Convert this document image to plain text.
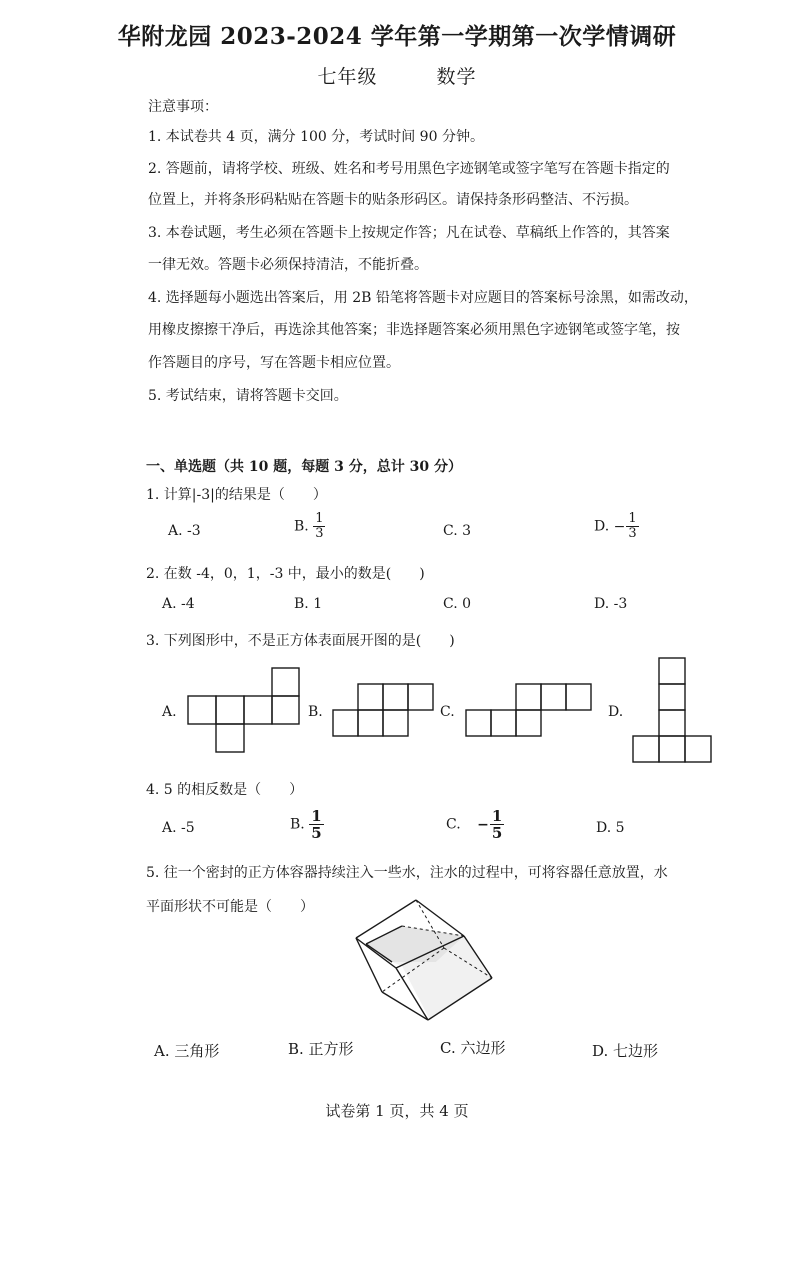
华附龙园 2023-2024 学年第一学期第一次学情调研
七年级	数学
注意事项：
1. 本试卷共 4 页，满分 100 分，考试时间 90 分钟。
2. 答题前，请将学校、班级、姓名和考号用黑色字迹钢笔或签字笔写在答题卡指定的
位置上，并将条形码粘贴在答题卡的贴条形码区。请保持条形码整洁、不污损。
3. 本卷试题，考生必须在答题卡上按规定作答；凡在试卷、草稿纸上作答的，其答案
一律无效。答题卡必须保持清洁，不能折叠。
4. 选择题每小题选出答案后，用 2B 铅笔将答题卡对应题目的答案标号涂黑，如需改动，
用橡皮擦擦干净后，再选涂其他答案；非选择题答案必须用黑色字迹钢笔或签字笔，按
作答题目的序号，写在答题卡相应位置。
5. 考试结束，请将答题卡交回。
一、单选题（共 10 题，每题 3 分，总计 30 分）
1. 计算|-3|的结果是（　　）
A. -3	B. $\frac{1}{3}$	C. 3	D. − $\frac{1}{3}$
2. 在数 -4，0，1，-3 中，最小的数是(　　)
A. -4	B. 1	C. 0	D. -3
3. 下列图形中，不是正方体表面展开图的是(　　)
A.	B.	C.	D.
4. 5 的相反数是（　　）
A. -5	B. $\frac{1}{5}$	C. − $\frac{1}{5}$	D. 5
5. 往一个密封的正方体容器持续注入一些水，注水的过程中，可将容器任意放置，水
平面形状不可能是（　　）
A. 三角形	B. 正方形	C. 六边形	D. 七边形
试卷第 1 页，共 4 页
